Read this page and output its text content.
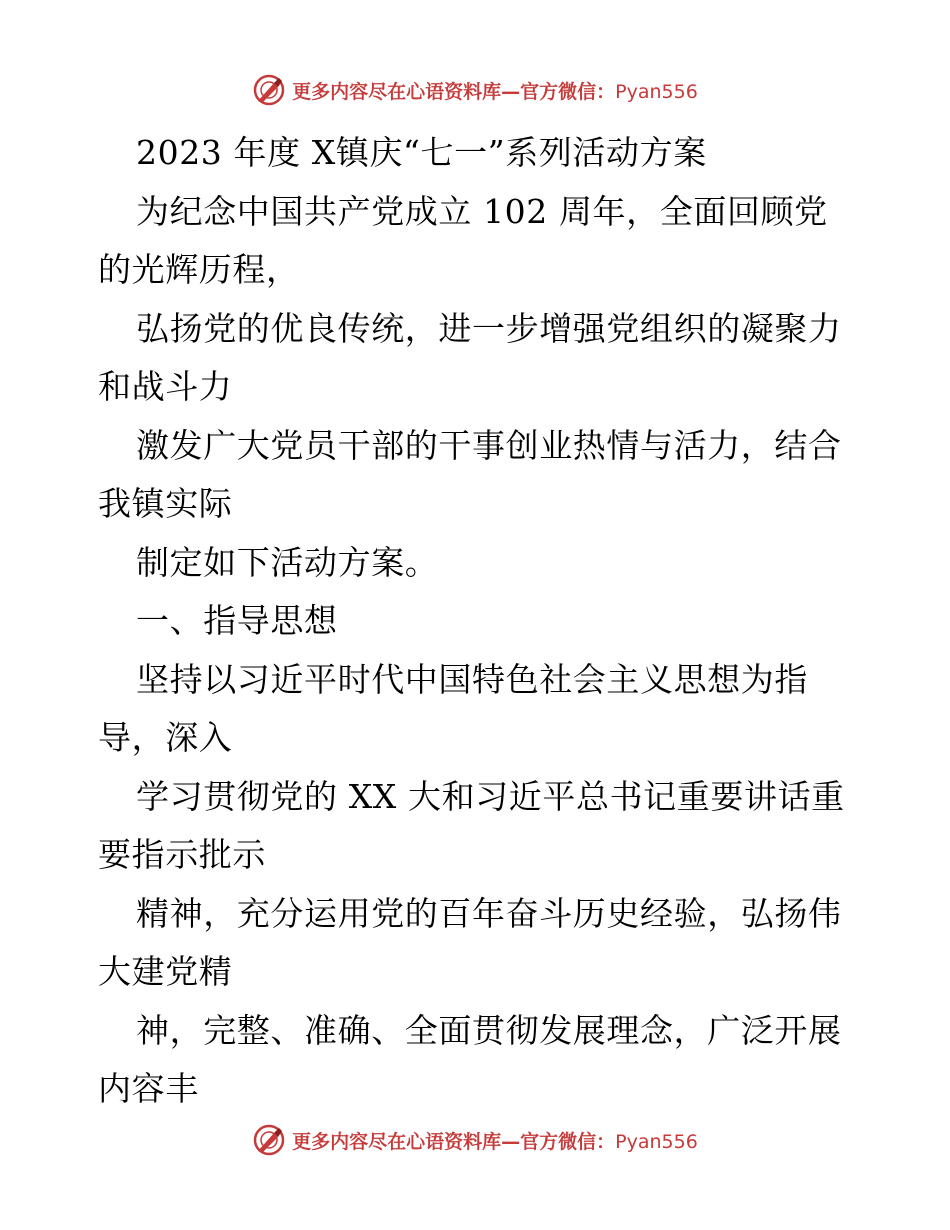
更多内容尽在心语资料库—官方微信：Pyan556

2023 年度 X镇庆“七一”系列活动方案

为纪念中国共产党成立 102 周年，全面回顾党的光辉历程，

弘扬党的优良传统，进一步增强党组织的凝聚力和战斗力

激发广大党员干部的干事创业热情与活力，结合我镇实际

制定如下活动方案。

一、指导思想

坚持以习近平时代中国特色社会主义思想为指导，深入

学习贯彻党的 XX 大和习近平总书记重要讲话重要指示批示

精神，充分运用党的百年奋斗历史经验，弘扬伟大建党精

神，完整、准确、全面贯彻发展理念，广泛开展内容丰

更多内容尽在心语资料库—官方微信：Pyan556
